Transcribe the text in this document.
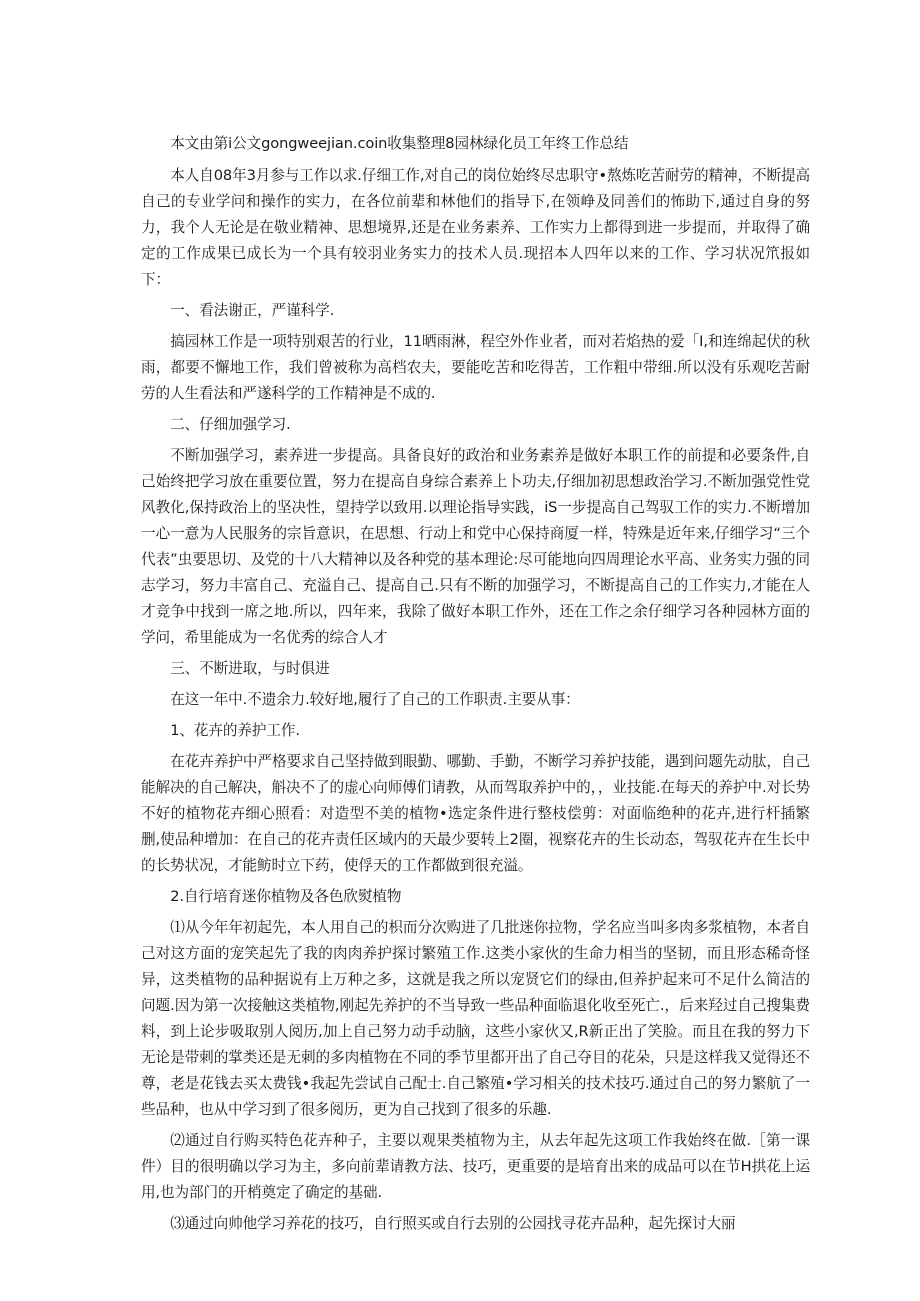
本文由第i公文gongweejian.coin收集整理8园林绿化员工年终工作总结

本人自08年3月参与工作以求.仔细工作,对自己的岗位始终尽忠职守•熬炼吃苦耐劳的精神，不断提高自己的专业学问和操作的实力，在各位前辈和林他们的指导下,在领峥及同善们的怖助下,通过自身的努力，我个人无论是在敬业精神、思想境界,还是在业务素养、工作实力上都得到进一步提而，并取得了确定的工作成果已成长为一个具有较羽业务实力的技术人员.现招本人四年以来的工作、学习状况笊报如下：

一、看法谢正，严谨科学.

搞园林工作是一项特别艰苦的行业，11晒雨淋，程空外作业者，而对若焰热的爱「I,和连绵起伏的秋雨，都要不懈地工作，我们曾被称为高档农夫，要能吃苦和吃得苦，工作粗中带细.所以没有乐观吃苦耐劳的人生看法和严遂科学的工作精神是不成的.

二、仔细加强学习.

不断加强学习，素养进一步提高。具备良好的政治和业务素养是做好本职工作的前提和必要条件,自己始终把学习放在重要位置，努力在提高自身综合素养上卜功夫,仔细加初思想政治学习.不断加强党性党风教化,保持政治上的坚决性，望持学以致用.以理论指导实践，iS一步提高自己驾驭工作的实力.不断增加一心一意为人民服务的宗旨意识，在思想、行动上和党中心保持商厦一样，特殊是近年来,仔细学习“三个代表”虫要思切、及党的十八大精神以及各种党的基本理论:尽可能地向四周理论水平高、业务实力强的同志学习，努力丰富自己、充溢自己、提高自己.只有不断的加强学习，不断提高自己的工作实力,才能在人才竞争中找到一席之地.所以，四年来，我除了做好本职工作外，还在工作之余仔细学习各种园林方面的学问，希里能成为一名优秀的综合人才

三、不断进取，与时俱进

在这一年中.不遗余力.较好地,履行了自己的工作职责.主要从事：

1、花卉的养护工作.

在花卉养护中严格要求自己坚持做到眼勤、哪勤、手勤，不断学习养护技能，遇到问题先动肽，自己能解决的自己解决，斛决不了的虚心向师傅们请教，从而驾取养护中的，，业技能.在每天的养护中.对长势不好的植物花卉细心照看：对造型不美的植物•选定条件进行整枝偿剪：对面临绝种的花卉,进行杆插繁删,使品种增加：在自己的花卉责任区域内的天最少要转上2圈，视察花卉的生长动态，驾驭花卉在生长中的长势状况，才能鲂时立下药，使俘天的工作都做到很充溢。

2.自行培育迷你植物及各色欣熨植物

⑴从今年年初起先，本人用自己的枳而分次购进了几批迷你拉物，学名应当叫多肉多浆植物，本者自己对这方面的宠笑起先了我的肉肉养护探讨繁殖工作.这类小家伙的生命力相当的坚韧，而且形态稀奇怪异，这类植物的品种据说有上万种之多，这就是我之所以宠贤它们的绿由,但养护起来可不足什么简洁的问题.因为第一次接触这类植物,刚起先养护的不当导致一些品种面临退化收至死亡.，后来羟过自己搜集费料，到上论步吸取别人阅历,加上自己努力动手动脑，这些小家伙又,R新正出了笑脸。而且在我的努力下无论是带刺的掌类还是无刺的多肉植物在不同的季节里都开出了自己夺目的花朵，只是这样我又觉得还不尊，老是花钱去买太费钱•我起先尝试自己配士.自己繁殖•学习相关的技术技巧.通过自己的努力繁航了一些品种，也从中学习到了很多阅历，更为自己找到了很多的乐趣.

⑵通过自行购买特色花卉种子，主要以观果类植物为主，从去年起先这项工作我始终在做.［第一课件）目的很明确以学习为主，多向前辈请教方法、技巧，更重要的是培育出来的成品可以在节H拱花上运用,也为部门的开梢奠定了确定的基础.

⑶通过向帅他学习养花的技巧，自行照买或自行去别的公园找寻花卉品种，起先探讨大丽
